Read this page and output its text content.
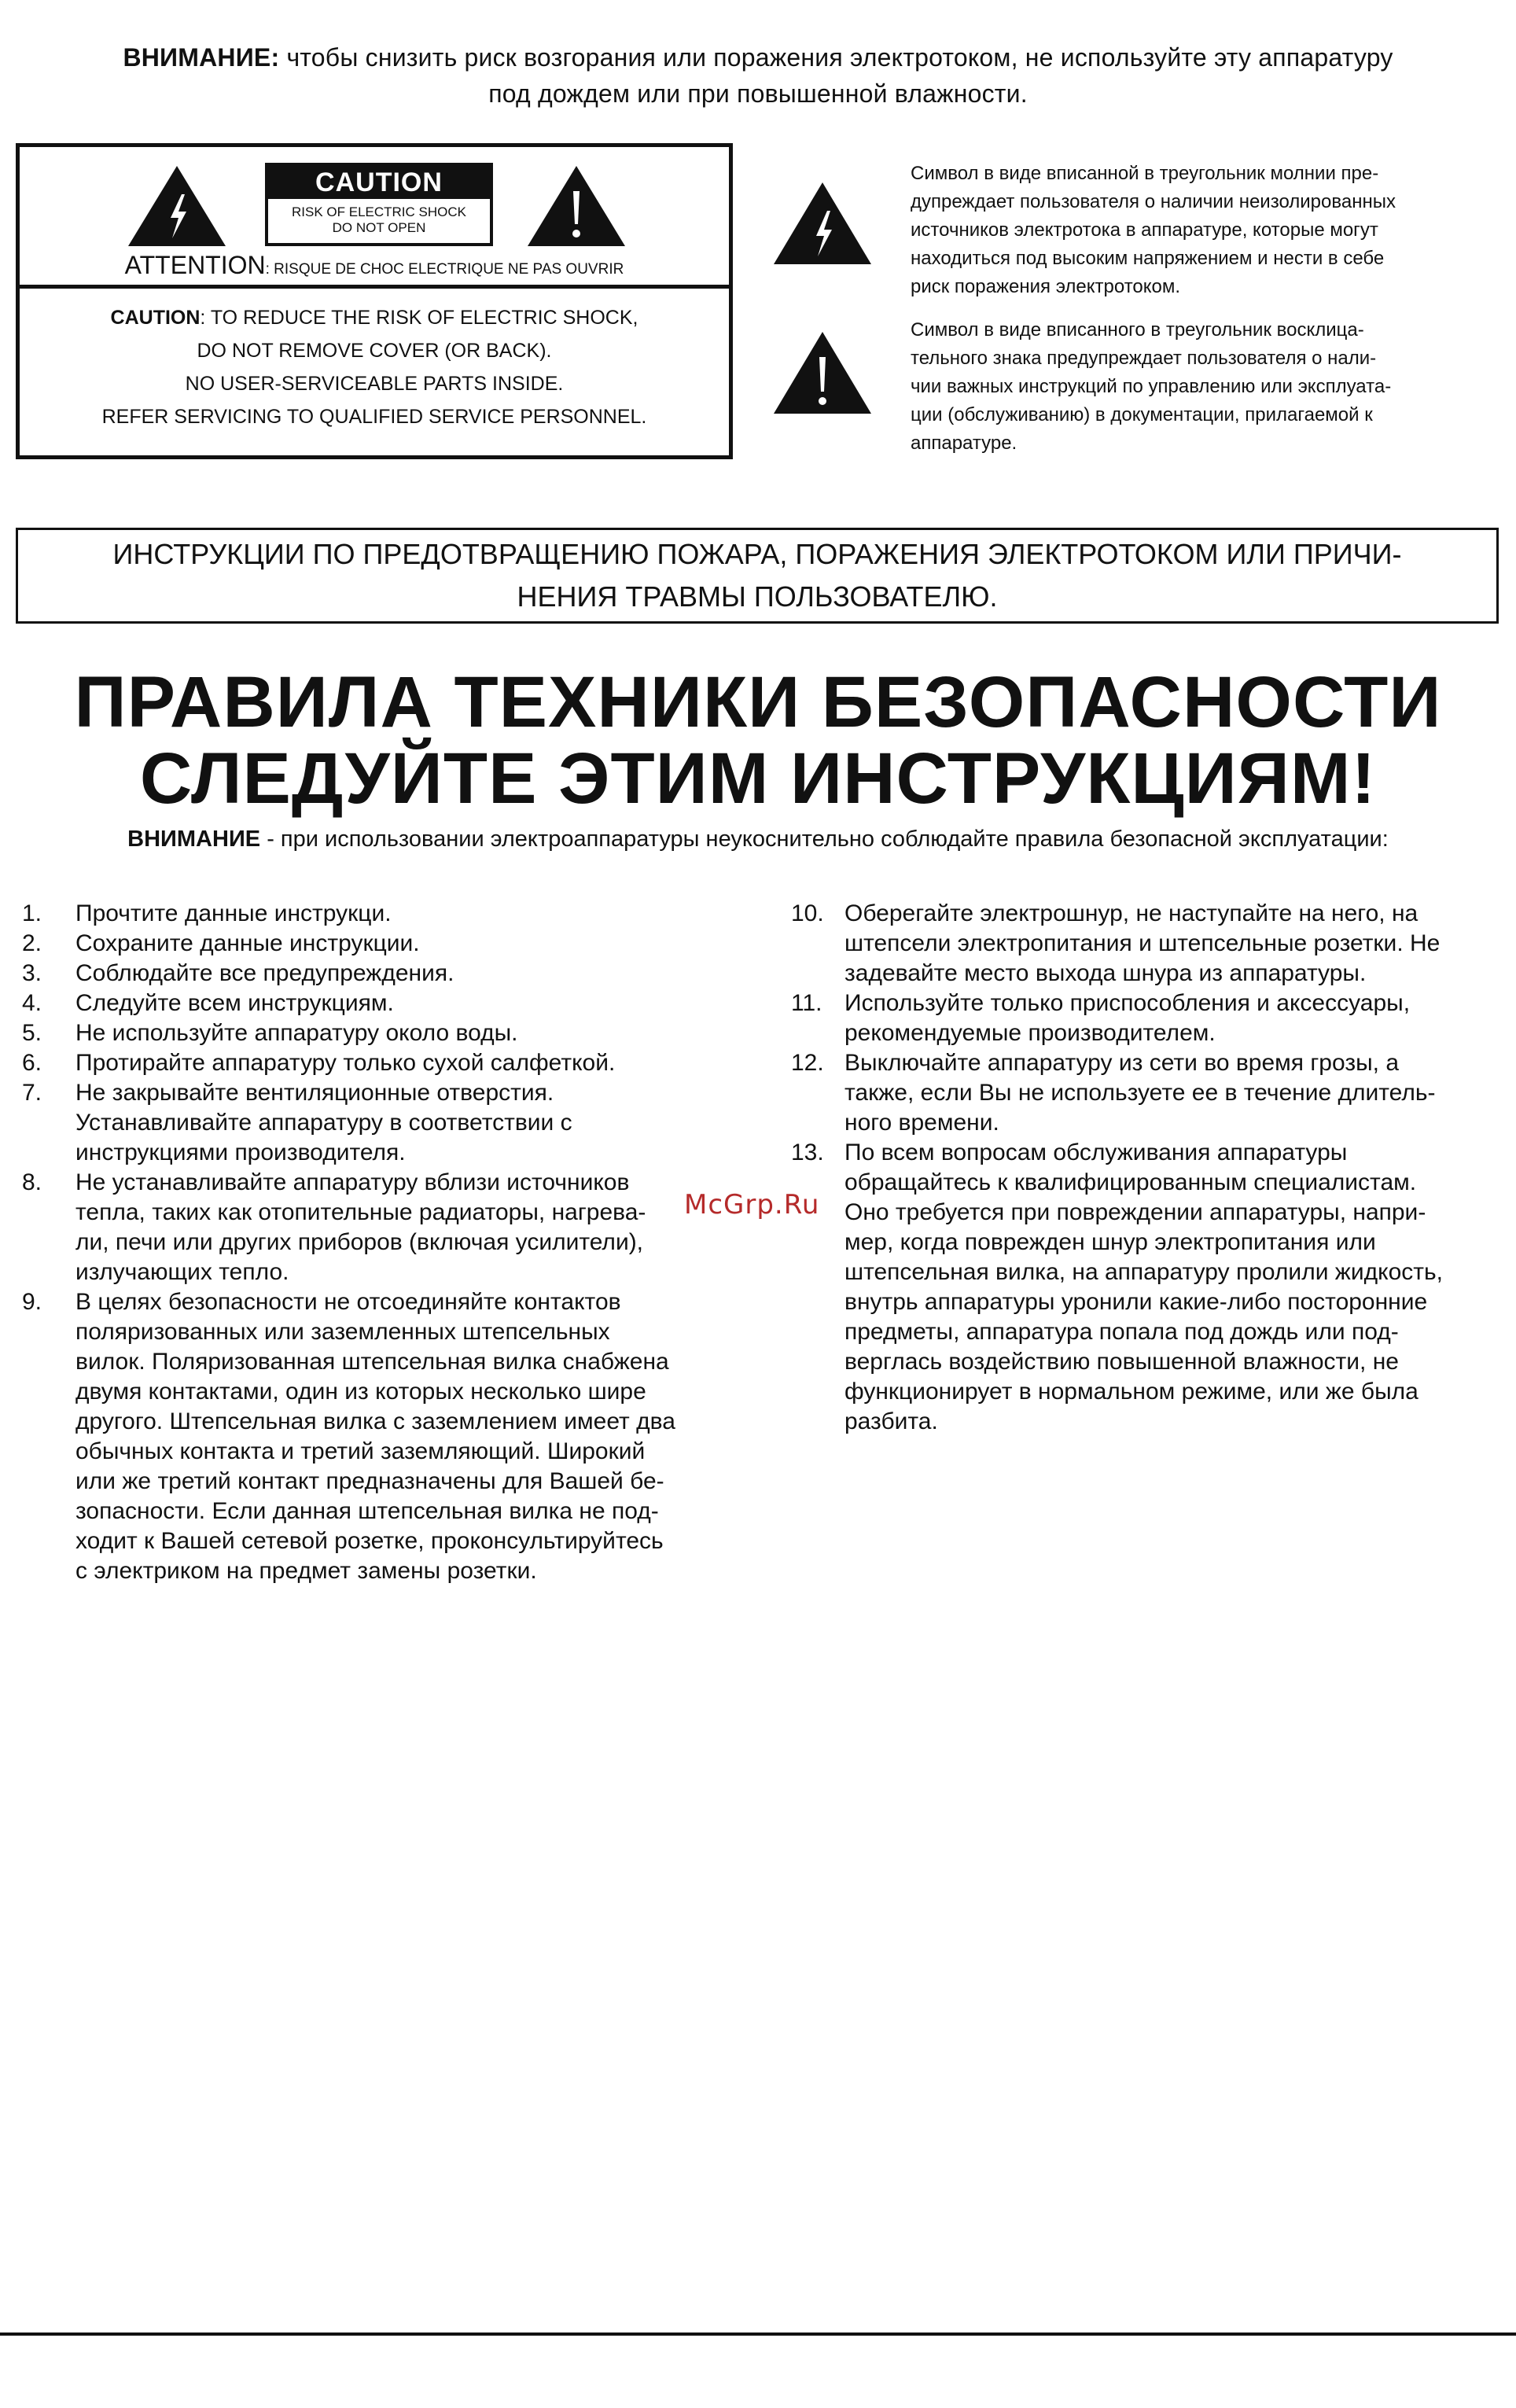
ВНИМАНИЕ: чтобы снизить риск возгорания или поражения электротоком, не используйте эту аппаратуру
под дождем или при повышенной влажности.
CAUTION
RISK OF ELECTRIC SHOCK
DO NOT OPEN
ATTENTION: RISQUE DE CHOC ELECTRIQUE NE PAS OUVRIR
CAUTION: TO REDUCE THE RISK OF ELECTRIC SHOCK,
DO NOT REMOVE COVER (OR BACK).
NO USER-SERVICEABLE PARTS INSIDE.
REFER SERVICING TO QUALIFIED SERVICE PERSONNEL.
Символ в виде вписанной в треугольник молнии пре-
дупреждает пользователя о наличии неизолированных
источников электротока в аппаратуре, которые могут
находиться под высоким напряжением и нести в себе
риск поражения электротоком.
Символ в виде вписанного в треугольник восклица-
тельного знака предупреждает пользователя о нали-
чии важных инструкций по управлению или эксплуата-
ции (обслуживанию) в документации, прилагаемой к
аппаратуре.
ИНСТРУКЦИИ ПО ПРЕДОТВРАЩЕНИЮ ПОЖАРА, ПОРАЖЕНИЯ ЭЛЕКТРОТОКОМ ИЛИ ПРИЧИ-
НЕНИЯ ТРАВМЫ ПОЛЬЗОВАТЕЛЮ.
ПРАВИЛА ТЕХНИКИ БЕЗОПАСНОСТИ
СЛЕДУЙТЕ ЭТИМ ИНСТРУКЦИЯМ!
ВНИМАНИЕ - при использовании электроаппаратуры неукоснительно соблюдайте правила безопасной эксплуатации:
1. Прочтите данные инструкци.
2. Сохраните данные инструкции.
3. Соблюдайте все предупреждения.
4. Следуйте всем инструкциям.
5. Не используйте аппаратуру около воды.
6. Протирайте аппаратуру только сухой салфеткой.
7. Не закрывайте вентиляционные отверстия.
Устанавливайте аппаратуру в соответствии с
инструкциями производителя.
8. Не устанавливайте аппаратуру вблизи источников
тепла, таких как отопительные радиаторы, нагрева-
ли, печи или других приборов (включая усилители),
излучающих тепло.
9. В целях безопасности не отсоединяйте контактов
поляризованных или заземленных штепсельных
вилок. Поляризованная штепсельная вилка снабжена
двумя контактами, один из которых несколько шире
другого. Штепсельная вилка с заземлением имеет два
обычных контакта и третий заземляющий. Широкий
или же третий контакт предназначены для Вашей бе-
зопасности. Если данная штепсельная вилка не под-
ходит к Вашей сетевой розетке, проконсультируйтесь
с электриком на предмет замены розетки.
10. Оберегайте электрошнур, не наступайте на него, на
штепсели электропитания и штепсельные розетки. Не
задевайте место выхода шнура из аппаратуры.
11. Используйте только приспособления и аксессуары,
рекомендуемые производителем.
12. Выключайте аппаратуру из сети во время грозы, а
также, если Вы не используете ее в течение длитель-
ного времени.
13. По всем вопросам обслуживания аппаратуры
обращайтесь к квалифицированным специалистам.
Оно требуется при повреждении аппаратуры, напри-
мер, когда поврежден шнур электропитания или
штепсельная вилка, на аппаратуру пролили жидкость,
внутрь аппаратуры уронили какие-либо посторонние
предметы, аппаратура попала под дождь или под-
верглась воздействию повышенной влажности, не
функционирует в нормальном режиме, или же была
разбита.
McGrp.Ru
